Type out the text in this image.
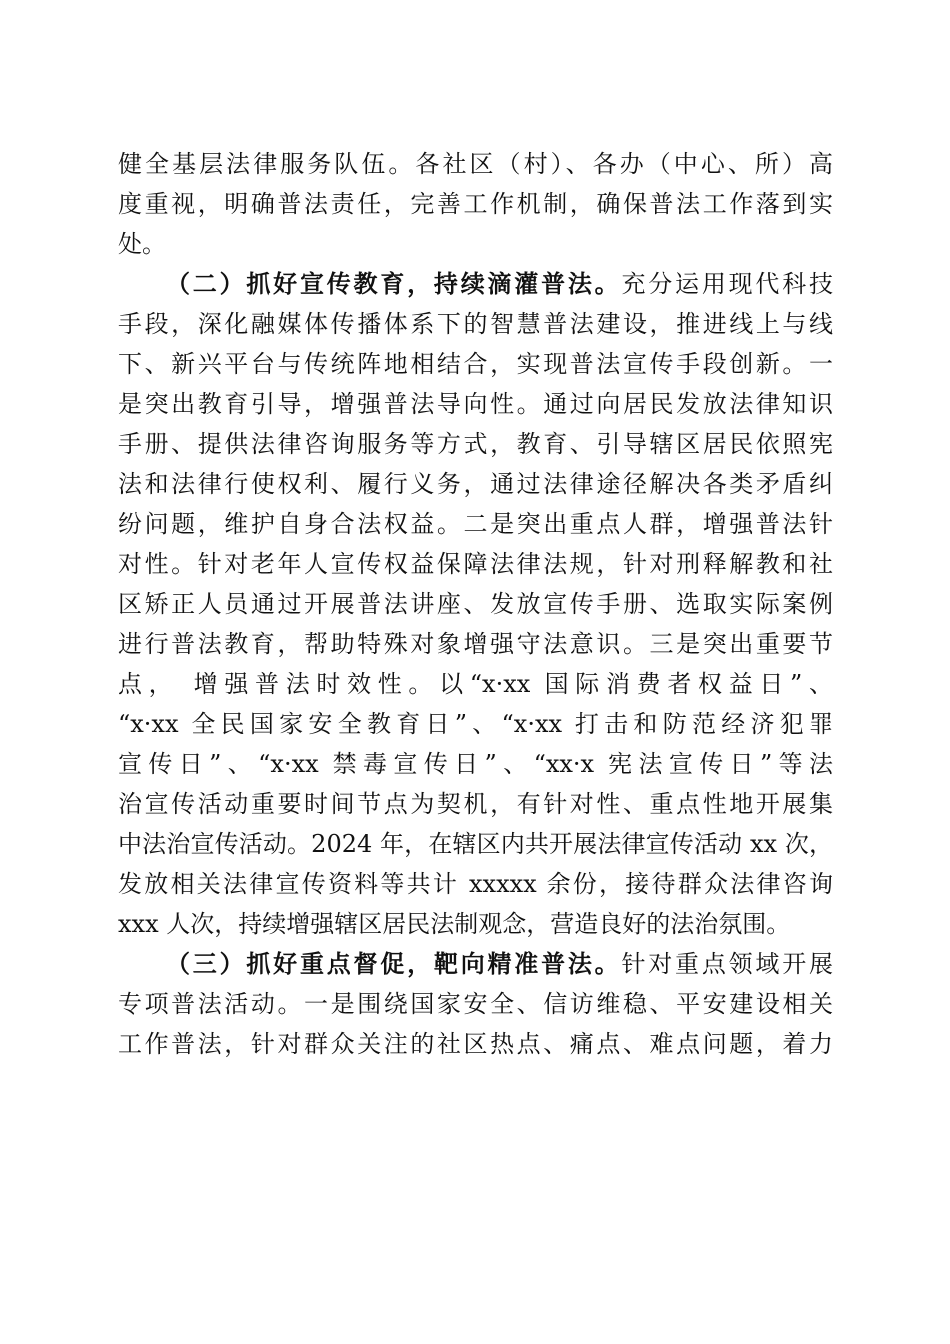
健全基层法律服务队伍。各社区（村）、各办（中心、所）高
度重视，明确普法责任，完善工作机制，确保普法工作落到实
处。
（二）抓好宣传教育，持续滴灌普法。充分运用现代科技
手段，深化融媒体传播体系下的智慧普法建设，推进线上与线
下、新兴平台与传统阵地相结合，实现普法宣传手段创新。一
是突出教育引导，增强普法导向性。通过向居民发放法律知识
手册、提供法律咨询服务等方式，教育、引导辖区居民依照宪
法和法律行使权利、履行义务，通过法律途径解决各类矛盾纠
纷问题，维护自身合法权益。二是突出重点人群，增强普法针
对性。针对老年人宣传权益保障法律法规，针对刑释解教和社
区矫正人员通过开展普法讲座、发放宣传手册、选取实际案例
进行普法教育，帮助特殊对象增强守法意识。三是突出重要节
点， 增强普法时效性。以“x·xx 国际消费者权益日”、
“x·xx 全民国家安全教育日”、“x·xx 打击和防范经济犯罪
宣传日”、“x·xx 禁毒宣传日”、“xx·x 宪法宣传日”等法
治宣传活动重要时间节点为契机，有针对性、重点性地开展集
中法治宣传活动。2024 年，在辖区内共开展法律宣传活动 xx 次，
发放相关法律宣传资料等共计 xxxxx 余份，接待群众法律咨询
xxx 人次，持续增强辖区居民法制观念，营造良好的法治氛围。
（三）抓好重点督促，靶向精准普法。针对重点领域开展
专项普法活动。一是围绕国家安全、信访维稳、平安建设相关
工作普法，针对群众关注的社区热点、痛点、难点问题，着力
